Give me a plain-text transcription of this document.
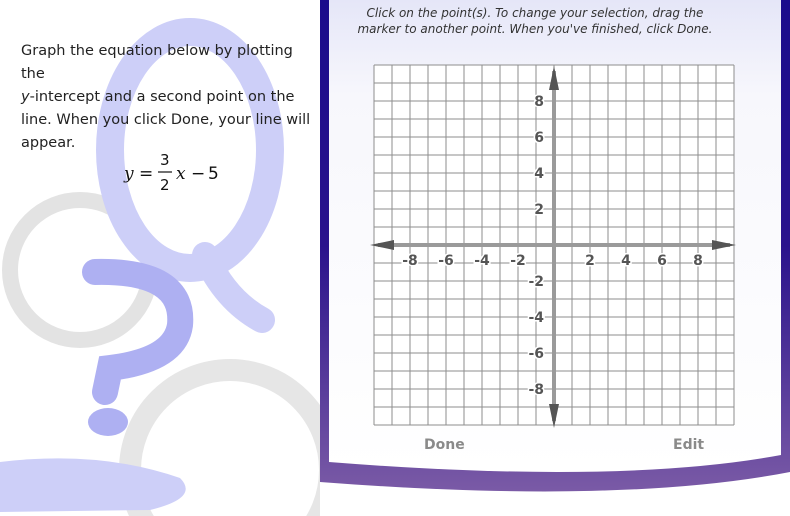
Graph the equation below by plotting the
y-intercept and a second point on the
line. When you click Done, your line will
appear.

y =
3
2
x − 5
Click on the point(s). To change your selection, drag the
marker to another point. When you've finished, click Done.
-8 -6 -4 -2	2 4 6 8
8
6
4
2
-2
-4
-6
-8
Done	Edit
